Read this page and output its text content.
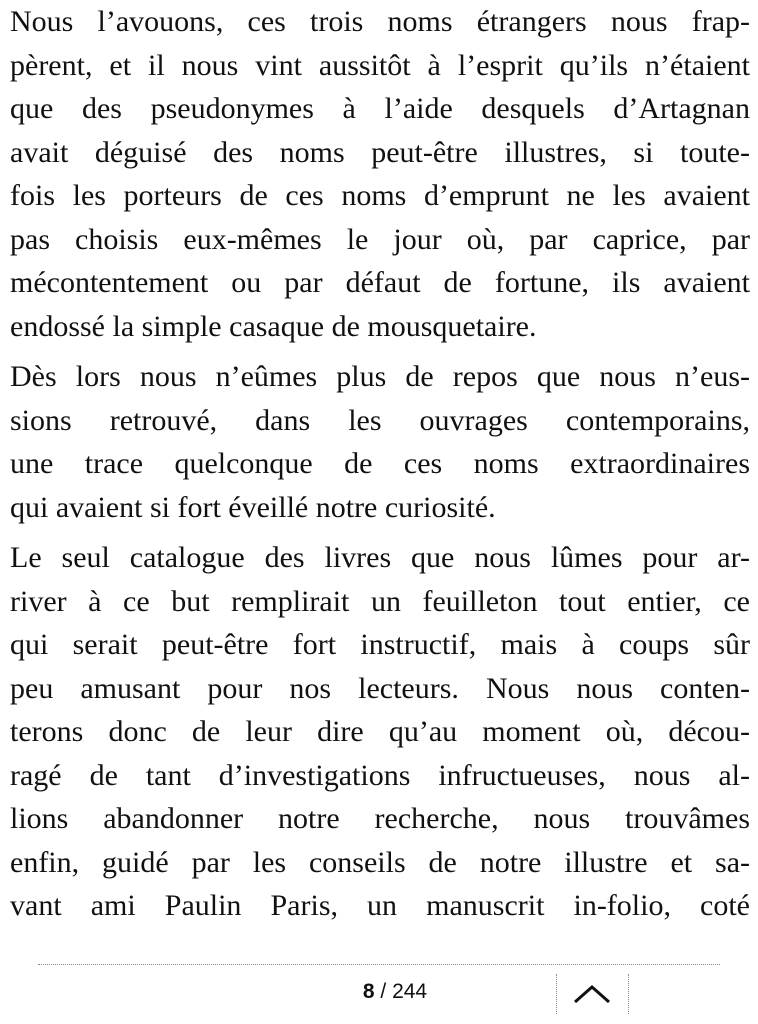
Nous l’avouons, ces trois noms étrangers nous frap-
pèrent, et il nous vint aussitôt à l’esprit qu’ils n’étaient
que des pseudonymes à l’aide desquels d’Artagnan
avait déguisé des noms peut-être illustres, si toute-
fois les porteurs de ces noms d’emprunt ne les avaient
pas choisis eux-mêmes le jour où, par caprice, par
mécontentement ou par défaut de fortune, ils avaient
endossé la simple casaque de mousquetaire.

Dès lors nous n’eûmes plus de repos que nous n’eus-
sions retrouvé, dans les ouvrages contemporains,
une trace quelconque de ces noms extraordinaires
qui avaient si fort éveillé notre curiosité.

Le seul catalogue des livres que nous lûmes pour ar-
river à ce but remplirait un feuilleton tout entier, ce
qui serait peut-être fort instructif, mais à coups sûr
peu amusant pour nos lecteurs. Nous nous conten-
terons donc de leur dire qu’au moment où, décou-
ragé de tant d’investigations infructueuses, nous al-
lions abandonner notre recherche, nous trouvâmes
enfin, guidé par les conseils de notre illustre et sa-
vant ami Paulin Paris, un manuscrit in-folio, coté

8 / 244
